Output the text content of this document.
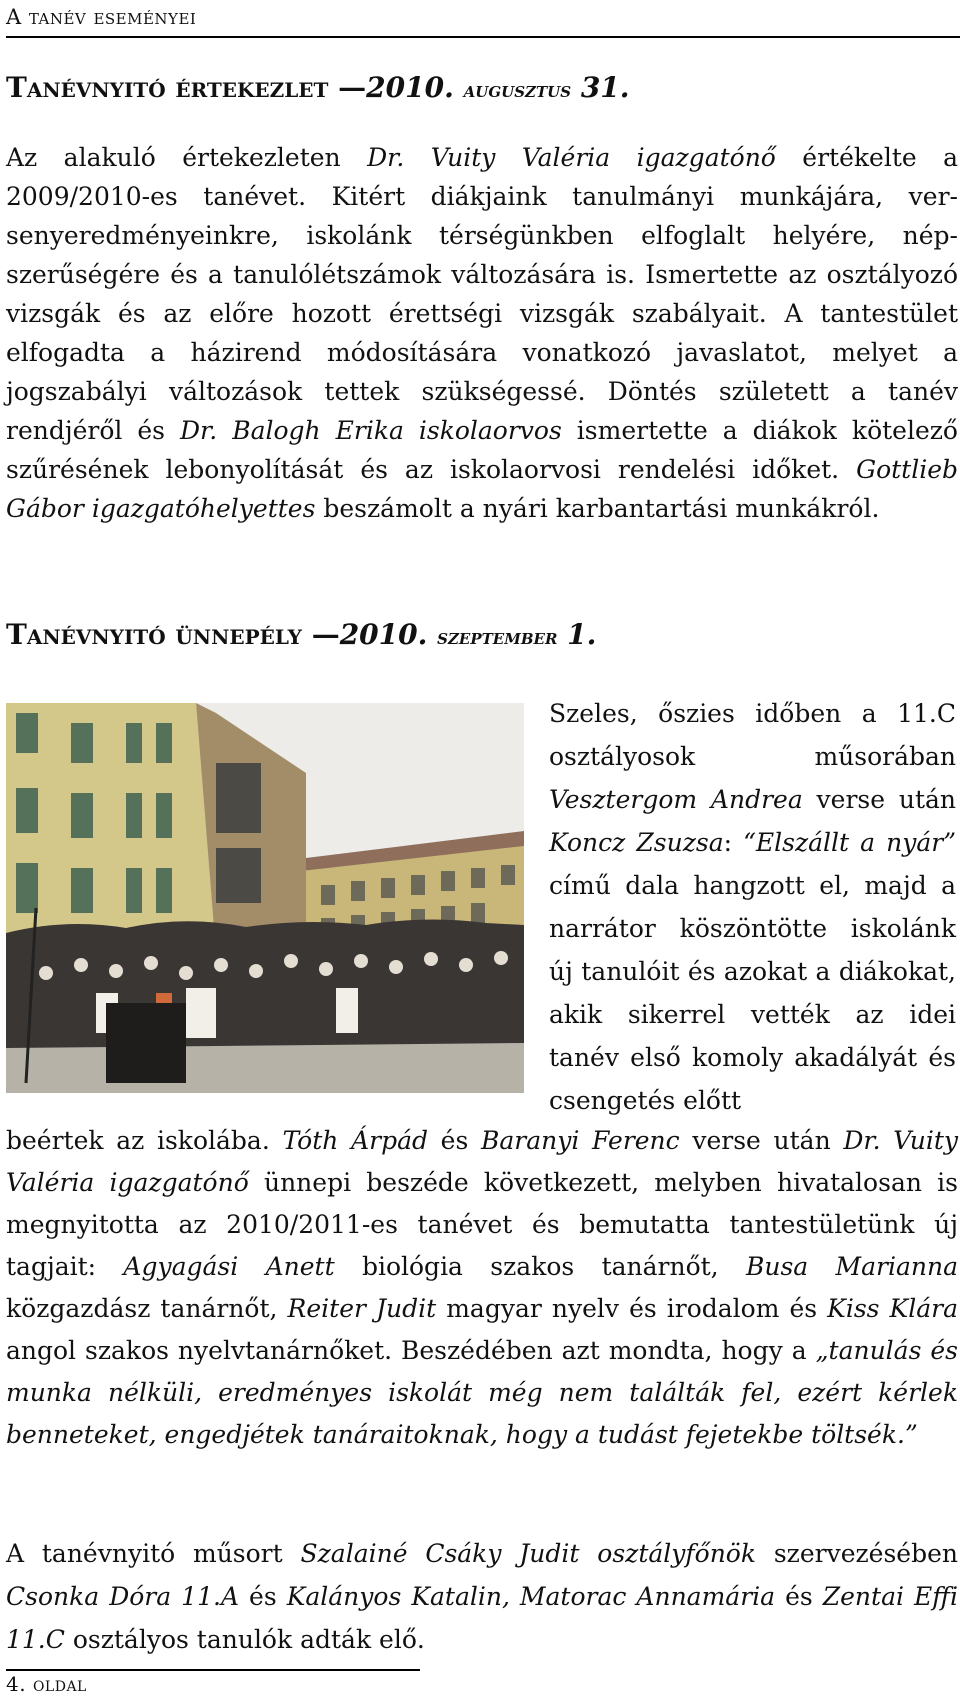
A tanév eseményei
Tanévnyitó értekezlet —2010. augusztus 31.
Az alakuló értekezleten Dr. Vuity Valéria igazgatónő értékelte a 2009/2010-es tanévet. Kitért diákjaink tanulmányi munkájára, versenyeredményeinkre, iskolánk térségünkben elfoglalt helyére, népszerűségére és a tanulólétszámok változására is. Ismertette az osztályozó vizsgák és az előre hozott érettségi vizsgák szabályait. A tantestület elfogadta a házirend módosítására vonatkozó javaslatot, melyet a jogszabályi változások tettek szükségessé. Döntés született a tanév rendjéről és Dr. Balogh Erika iskolaorvos ismertette a diákok kötelező szűrésének lebonyolítását és az iskolaorvosi rendelési időket. Gottlieb Gábor igazgatóhelyettes beszámolt a nyári karbantartási munkákról.
Tanévnyitó ünnepély —2010. szeptember 1.
Szeles, őszies időben a 11.C osztályosok műsorában Vesztergom Andrea verse után Koncz Zsuzsa: “Elszállt a nyár” című dala hangzott el, majd a narrátor köszöntötte iskolánk új tanulóit és azokat a diákokat, akik sikerrel vették az idei tanév első komoly akadályát és csengetés előtt
beértek az iskolába. Tóth Árpád és Baranyi Ferenc verse után Dr. Vuity Valéria igazgatónő ünnepi beszéde következett, melyben hivatalosan is megnyitotta az 2010/2011-es tanévet és bemutatta tantestületünk új tagjait: Agyagási Anett biológia szakos tanárnőt, Busa Marianna közgazdász tanárnőt, Reiter Judit magyar nyelv és irodalom és Kiss Klára angol szakos nyelvtanárnőket. Beszédében azt mondta, hogy a „tanulás és munka nélküli, eredményes iskolát még nem találták fel, ezért kérlek benneteket, engedjétek tanáraitoknak, hogy a tudást fejetekbe töltsék.”
A tanévnyitó műsort Szalainé Csáky Judit osztályfőnök szervezésében Csonka Dóra 11.A és Kalányos Katalin, Matorac Annamária és Zentai Effi 11.C osztályos tanulók adták elő.
4. oldal
